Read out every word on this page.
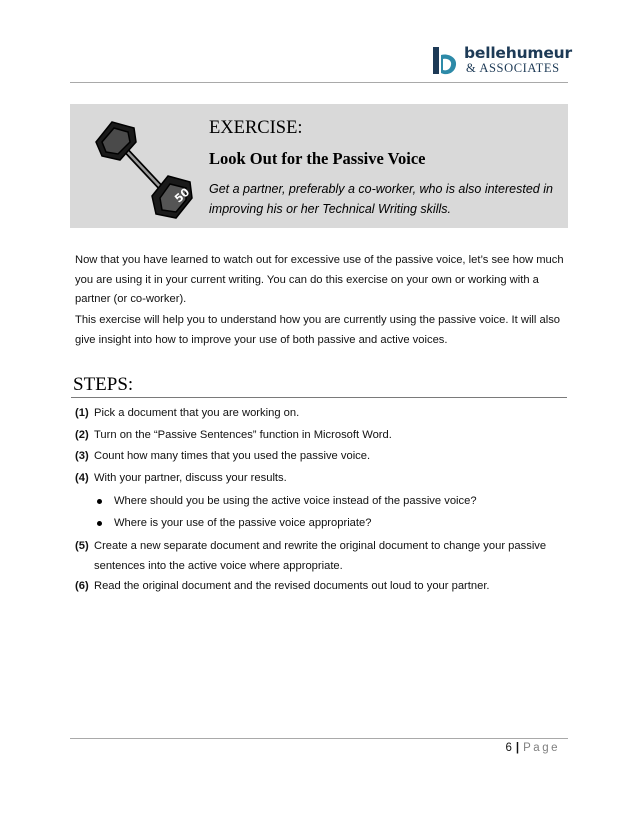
bellehumeur
& ASSOCIATES
50
EXERCISE:
Look Out for the Passive Voice
Get a partner, preferably a co-worker, who is also interested in improving his or her Technical Writing skills.
Now that you have learned to watch out for excessive use of the passive voice, let’s see how much you are using it in your current writing. You can do this exercise on your own or working with a partner (or co-worker).
This exercise will help you to understand how you are currently using the passive voice. It will also give insight into how to improve your use of both passive and active voices.
STEPS:
(1) Pick a document that you are working on.
(2) Turn on the “Passive Sentences” function in Microsoft Word.
(3) Count how many times that you used the passive voice.
(4) With your partner, discuss your results.
Where should you be using the active voice instead of the passive voice?
Where is your use of the passive voice appropriate?
(5) Create a new separate document and rewrite the original document to change your passive sentences into the active voice where appropriate.
(6) Read the original document and the revised documents out loud to your partner.
6 | Page
